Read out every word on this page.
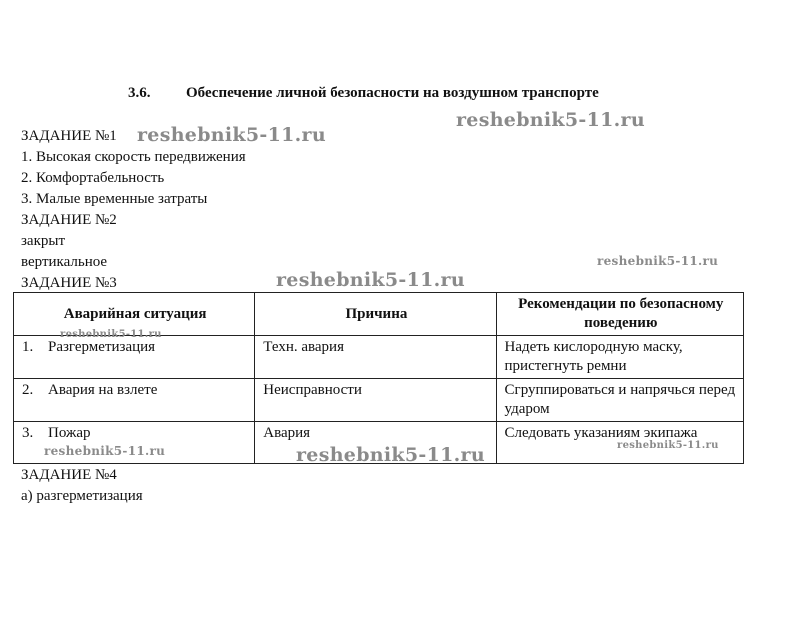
3.6. Обеспечение личной безопасности на воздушном транспорте
ЗАДАНИЕ №1
1. Высокая скорость передвижения
2. Комфортабельность
3. Малые временные затраты
ЗАДАНИЕ №2
закрыт
вертикальное
ЗАДАНИЕ №3
Аварийная ситуация	Причина	Рекомендации по безопасному поведению
1. Разгерметизация	Техн. авария	Надеть кислородную маску, пристегнуть ремни
2. Авария на взлете	Неисправности	Сгруппироваться и напрячься перед ударом
3. Пожар	Авария	Следовать указаниям экипажа
ЗАДАНИЕ №4
а) разгерметизация
reshebnik5-11.ru
reshebnik5-11.ru
reshebnik5-11.ru
reshebnik5-11.ru
reshebnik5-11.ru
reshebnik5-11.ru	reshebnik5-11.ru	reshebnik5-11.ru
